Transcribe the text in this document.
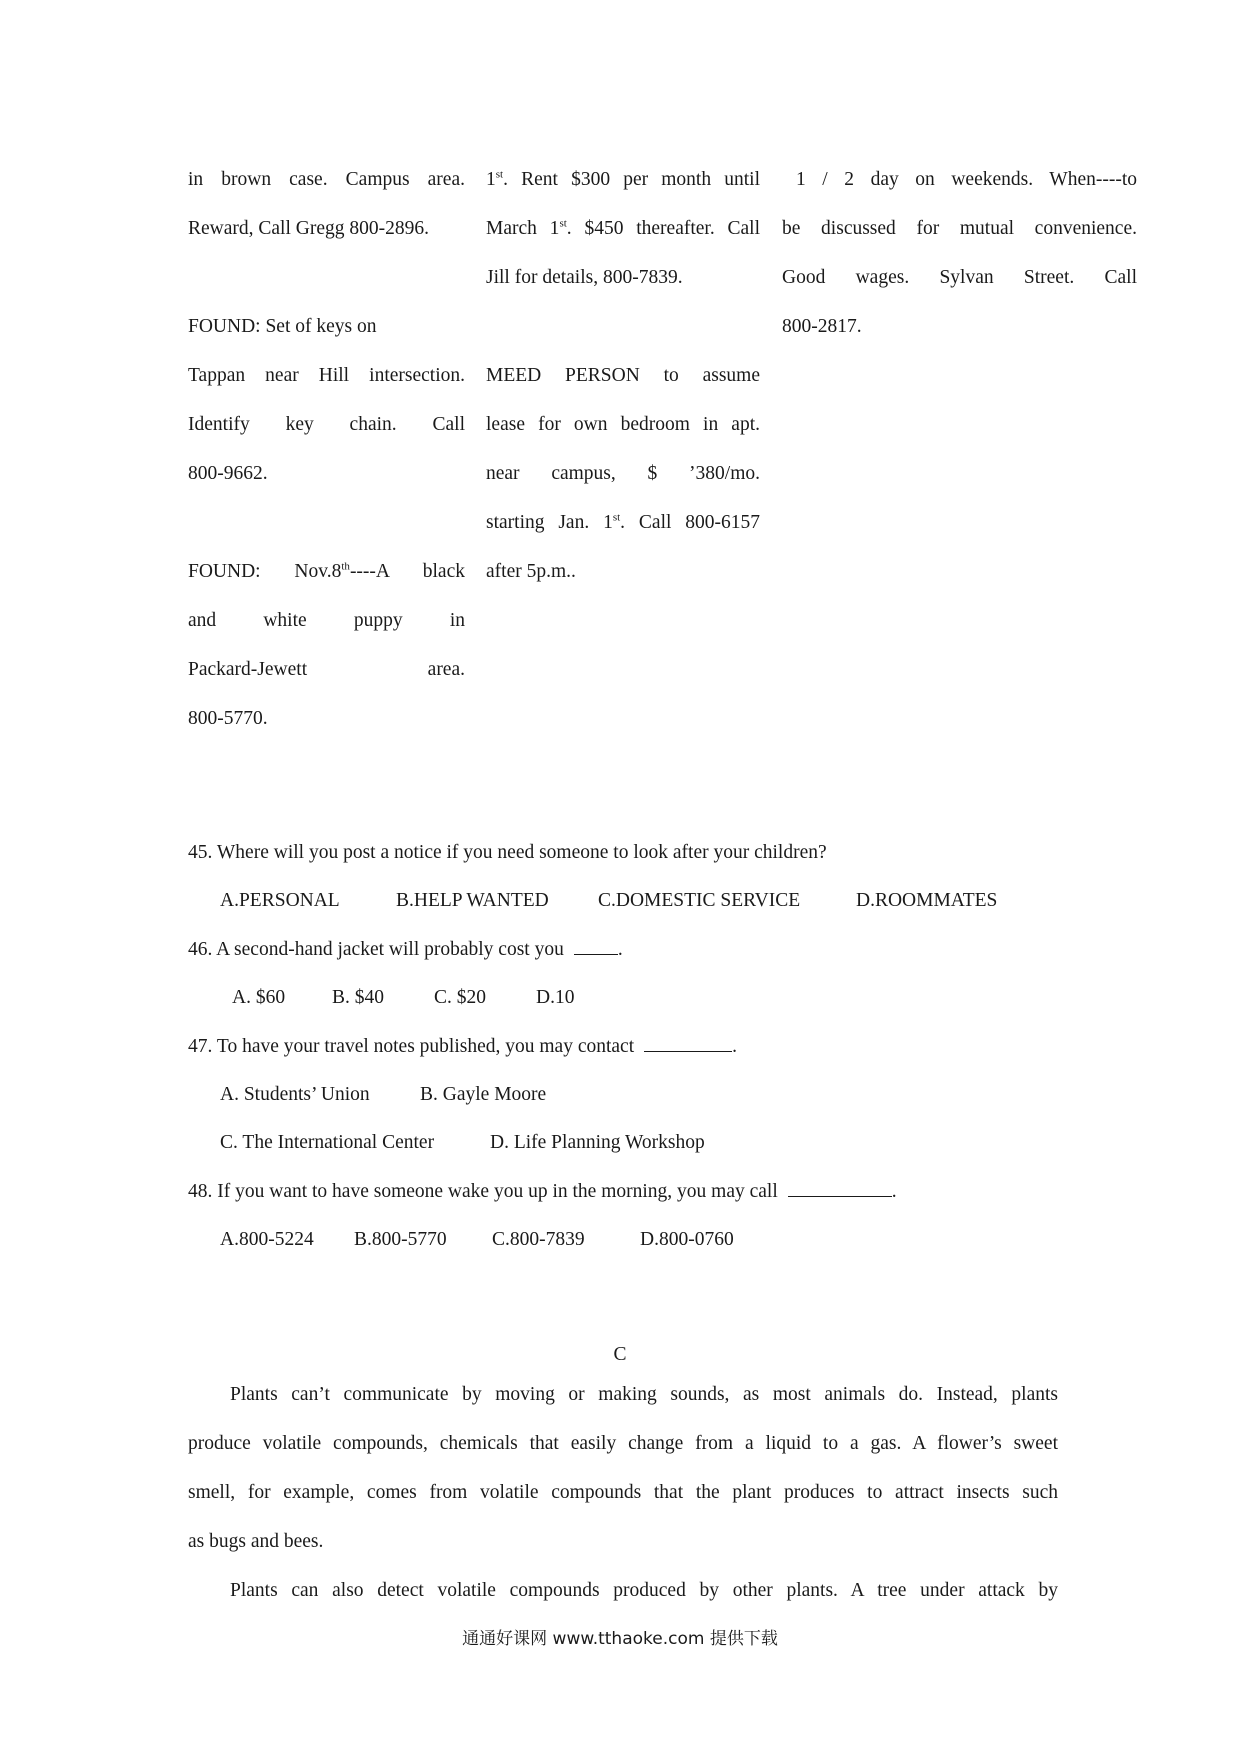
in brown case. Campus area.
Reward, Call Gregg 800-2896.
FOUND: Set of keys on
Tappan near Hill intersection.
Identify key chain. Call
800-9662.
FOUND: Nov.8th----A black
and white puppy in
Packard-Jewett area.
800-5770.
1st. Rent $300 per month until
March 1st. $450 thereafter. Call
Jill for details, 800-7839.
MEED PERSON to assume
lease for own bedroom in apt.
near campus, $ ’380/mo.
starting Jan. 1st. Call 800-6157
after 5p.m..
1 / 2 day on weekends. When----to
be discussed for mutual convenience.
Good wages. Sylvan Street. Call
800-2817.
45. Where will you post a notice if you need someone to look after your children?
A.PERSONAL	B.HELP WANTED	C.DOMESTIC SERVICE	D.ROOMMATES
46. A second-hand jacket will probably cost you	.
A. $60 B. $40	C. $20	D.10
47. To have your travel notes published, you may contact	.
A. Students’ Union	B. Gayle Moore
C. The International Center	D. Life Planning Workshop
48. If you want to have someone wake you up in the morning, you may call	.
A.800-5224 B.800-5770 C.800-7839	D.800-0760
C
Plants can’t communicate by moving or making sounds, as most animals do. Instead, plants
produce volatile compounds, chemicals that easily change from a liquid to a gas. A flower’s sweet
smell, for example, comes from volatile compounds that the plant produces to attract insects such
as bugs and bees.
Plants can also detect volatile compounds produced by other plants. A tree under attack by
通通好课网 www.tthaoke.com 提供下载
